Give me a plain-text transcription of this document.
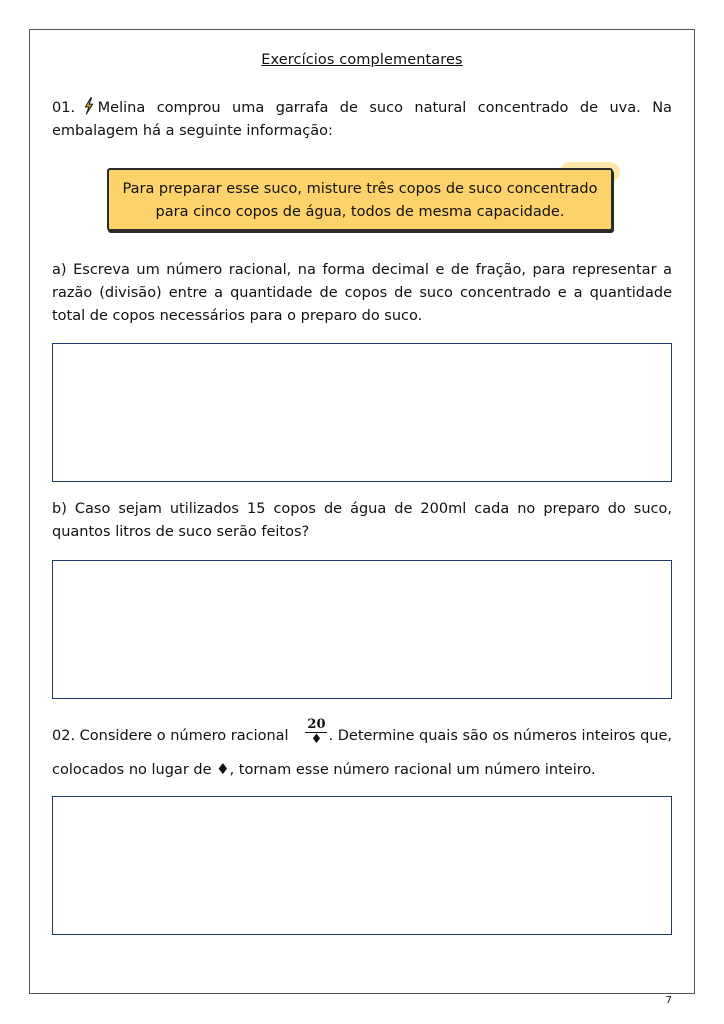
Exercícios complementares
01. Melina comprou uma garrafa de suco natural concentrado de uva. Na
embalagem há a seguinte informação:
Para preparar esse suco, misture três copos de suco concentrado
para cinco copos de água, todos de mesma capacidade.
a) Escreva um número racional, na forma decimal e de fração, para representar a razão (divisão) entre a quantidade de copos de suco concentrado e a quantidade total de copos necessários para o preparo do suco.
b) Caso sejam utilizados 15 copos de água de 200ml cada no preparo do suco, quantos litros de suco serão feitos?
02. Considere o número racional $\frac{20}{♦}$ . Determine quais são os números inteiros que,
colocados no lugar de ♦, tornam esse número racional um número inteiro.
7
